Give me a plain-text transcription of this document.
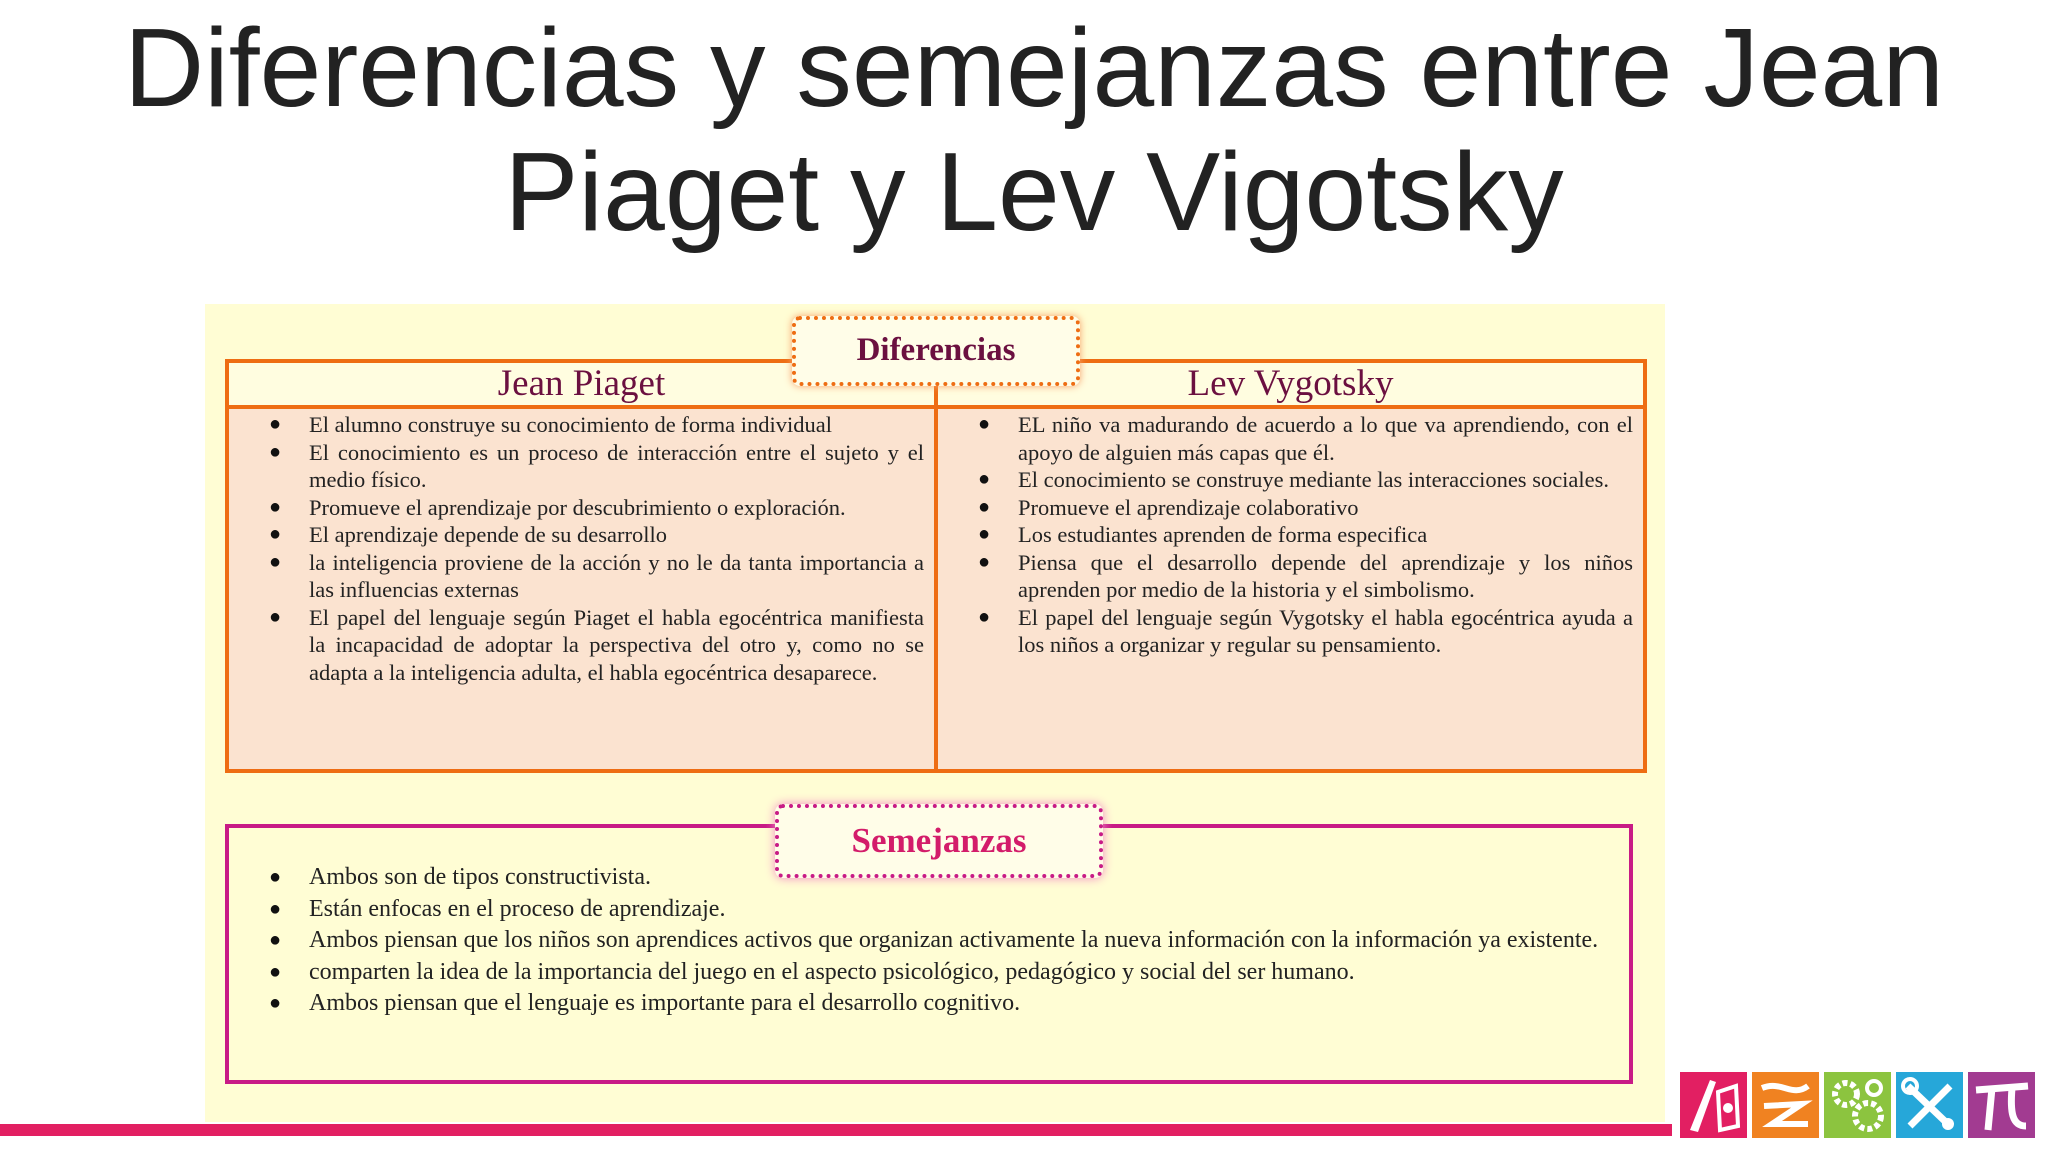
Diferencias y semejanzas entre Jean Piaget y Lev Vigotsky
Jean Piaget	Lev Vygotsky
● El alumno construye su conocimiento de forma individual
● El conocimiento es un proceso de interacción entre el sujeto y el medio físico.
● Promueve el aprendizaje por descubrimiento o exploración.
● El aprendizaje depende de su desarrollo
● la inteligencia proviene de la acción y no le da tanta importancia a las influencias externas
● El papel del lenguaje según Piaget el habla egocéntrica manifiesta la incapacidad de adoptar la perspectiva del otro y, como no se adapta a la inteligencia adulta, el habla egocéntrica desaparece.
● EL niño va madurando de acuerdo a lo que va aprendiendo, con el apoyo de alguien más capas que él.
● El conocimiento se construye mediante las interacciones sociales.
● Promueve el aprendizaje colaborativo
● Los estudiantes aprenden de forma especifica
● Piensa que el desarrollo depende del aprendizaje y los niños aprenden por medio de la historia y el simbolismo.
● El papel del lenguaje según Vygotsky el habla egocéntrica ayuda a los niños a organizar y regular su pensamiento.
Diferencias
● Ambos son de tipos constructivista.
● Están enfocas en el proceso de aprendizaje.
● Ambos piensan que los niños son aprendices activos que organizan activamente la nueva información con la información ya existente.
● comparten la idea de la importancia del juego en el aspecto psicológico, pedagógico y social del ser humano.
● Ambos piensan que el lenguaje es importante para el desarrollo cognitivo.
Semejanzas
